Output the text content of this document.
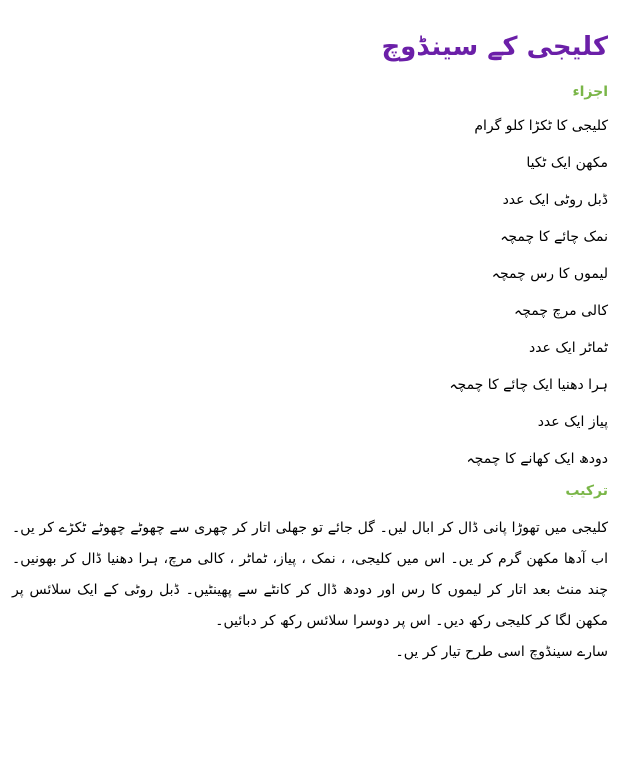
کلیجی کے سینڈوچ
اجزاء
کلیجی کا ٹکڑا کلو گرام
مکھن ایک ٹکیا
ڈبل روٹی ایک عدد
نمک چائے کا چمچہ
لیموں کا رس چمچہ
کالی مرچ چمچہ
ٹماٹر ایک عدد
ہرا دھنیا ایک چائے کا چمچہ
پیاز ایک عدد
دودھ ایک کھانے کا چمچہ
ترکیب

کلیجی میں تھوڑا پانی ڈال کر ابال لیں۔ گل جائے تو جھلی اتار کر چھری سے چھوٹے چھوٹے ٹکڑے کر یں۔ اب آدھا مکھن گرم کر یں۔ اس میں کلیجی، ، نمک ، پیاز، ٹماٹر ، کالی مرچ، ہرا دھنیا ڈال کر بھونیں۔ چند منٹ بعد اتار کر لیموں کا رس اور دودھ ڈال کر کانٹے سے پھینٹیں۔ ڈبل روٹی کے ایک سلائس پر مکھن لگا کر کلیجی رکھ دیں۔ اس پر دوسرا سلائس رکھ کر دبائیں۔

سارے سینڈوچ اسی طرح تیار کر یں۔
